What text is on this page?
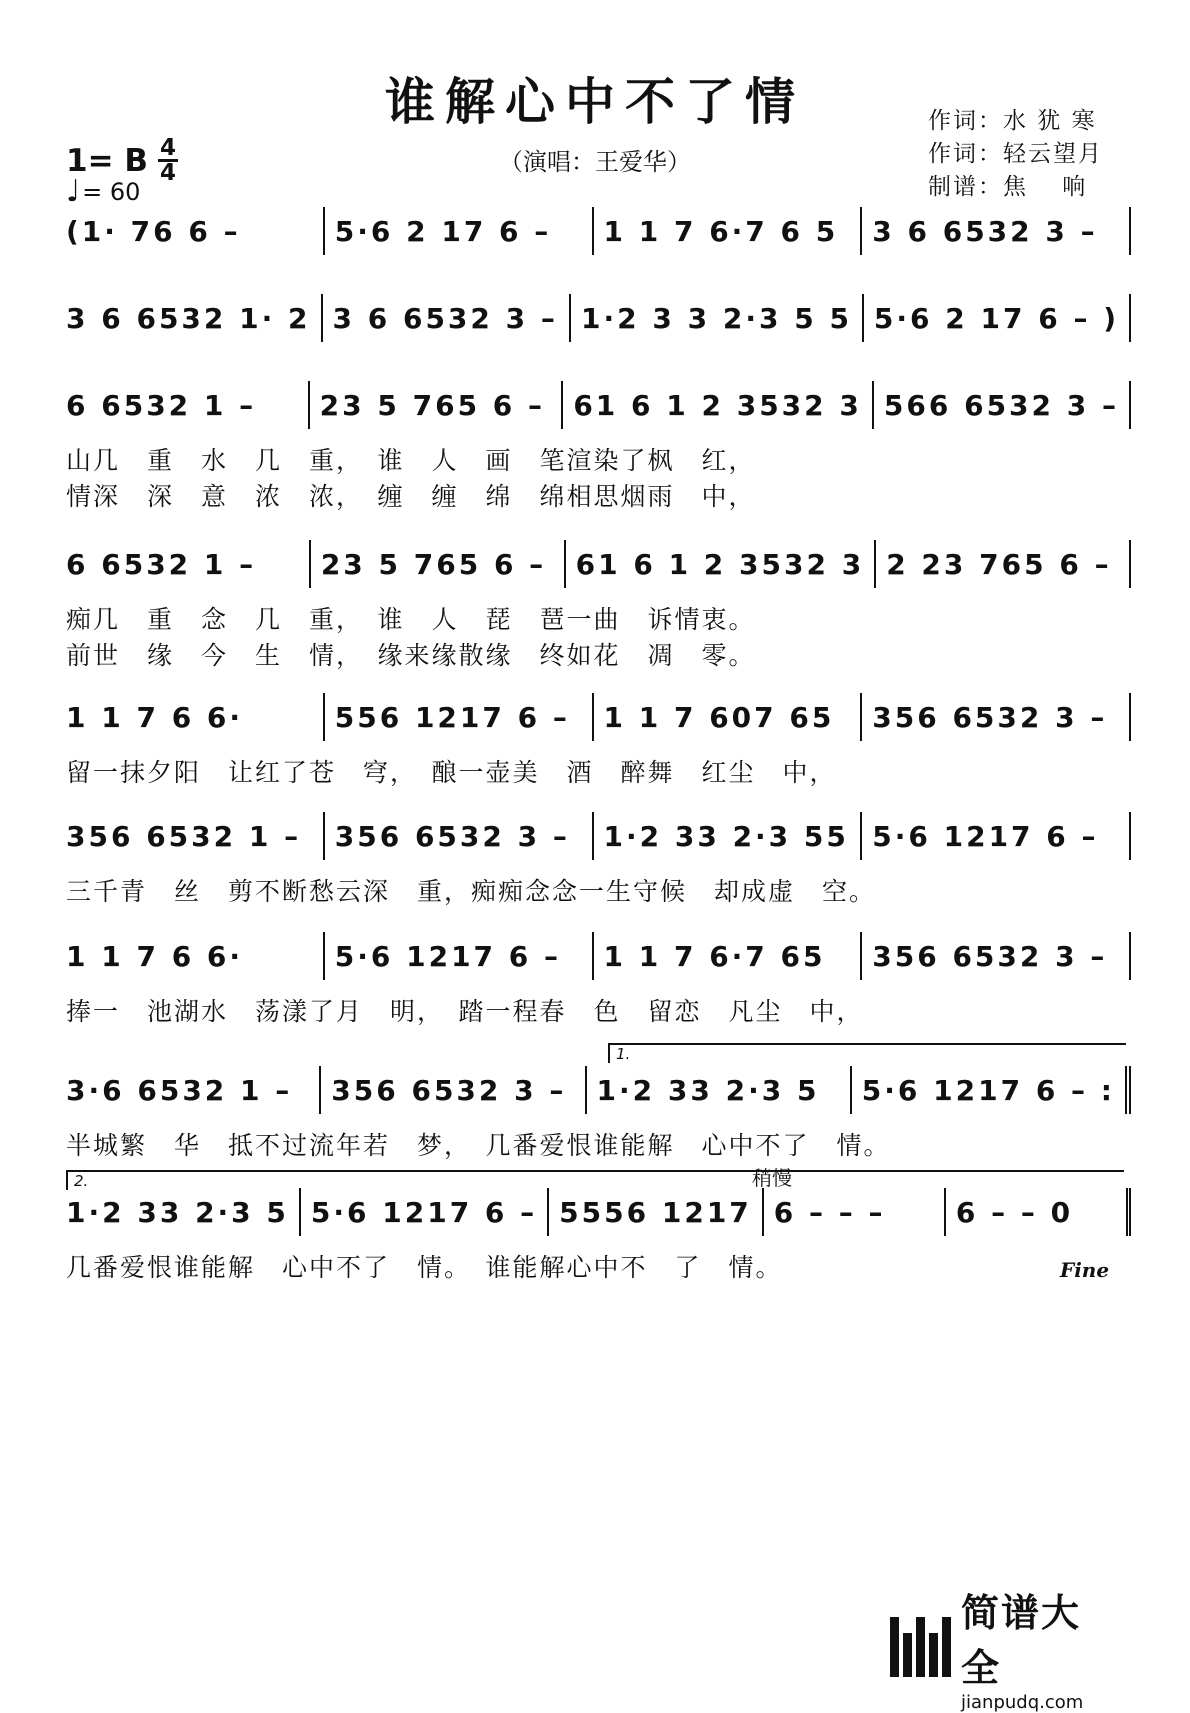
谁解心中不了情
（演唱：王爱华）
作词：水 犹 寒
作词：轻云望月
制谱：焦　 响
1= B 4
4
♩ = 60
(1· 76 6 –	5·6 2 17 6 –	1 1 7 6·7 6 5	3 6 6532 3 –
3 6 6532 1· 2 3 6 6532 3 – 1·2 3 3 2·3 5 5 5·6 2 17 6 – )
6 6532 1 –	23 5 765 6 –	61 6 1 2 3532 3 566 6532 3 –
山几　重　水　几　重，　谁　人　画　笔渲染了枫　红，
情深　深　意　浓　浓，　缠　缠　绵　绵相思烟雨　中，
6 6532 1 –	23 5 765 6 –	61 6 1 2 3532 3 2 23 765 6 –
痴几　重　念　几　重，　谁　人　琵　琶一曲　诉情衷。
前世　缘　今　生　情，　缘来缘散缘　终如花　凋　零。
1 1 7 6 6·	556 1217 6 –	1 1 7 607 65	356 6532 3 –
留一抹夕阳　让红了苍　穹，　酿一壶美　酒　醉舞　红尘　中，
356 6532 1 –	356 6532 3 –	1·2 33 2·3 55 5·6 1217 6 –
三千青　丝　剪不断愁云深　重，痴痴念念一生守候　却成虚　空。
1 1 7 6 6·	5·6 1217 6 –	1 1 7 6·7 65	356 6532 3 –
捧一　池湖水　荡漾了月　明，　踏一程春　色　留恋　凡尘　中，
1.
3·6 6532 1 –	356 6532 3 –	1·2 33 2·3 5	5·6 1217 6 – :
半城繁　华　抵不过流年若　梦，　几番爱恨谁能解　心中不了　情。
2.	稍慢
1·2 33 2·3 5 5·6 1217 6 – 5556 1217 6 – – –	6 – – 0
几番爱恨谁能解　心中不了　情。　谁能解心中不　了　情。	Fine
简谱大全
jianpudq.com
